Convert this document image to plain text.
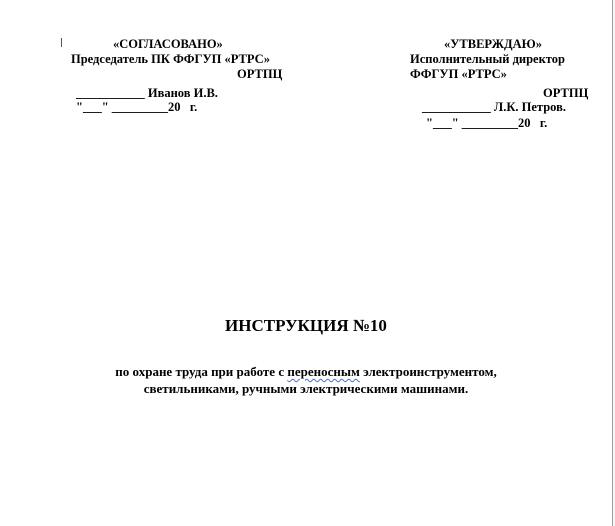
«СОГЛАСОВАНО»
Председатель ПК ФФГУП «РТРС»
ОРТПЦ
___________ Иванов И.В.
"___" _________20   г.
«УТВЕРЖДАЮ»
Исполнительный директор
ФФГУП «РТРС»
ОРТПЦ
___________ Л.К. Петров.
"___" _________20   г.
ИНСТРУКЦИЯ №10
по охране труда при работе с переносным электроинструментом,
светильниками, ручными электрическими машинами.
